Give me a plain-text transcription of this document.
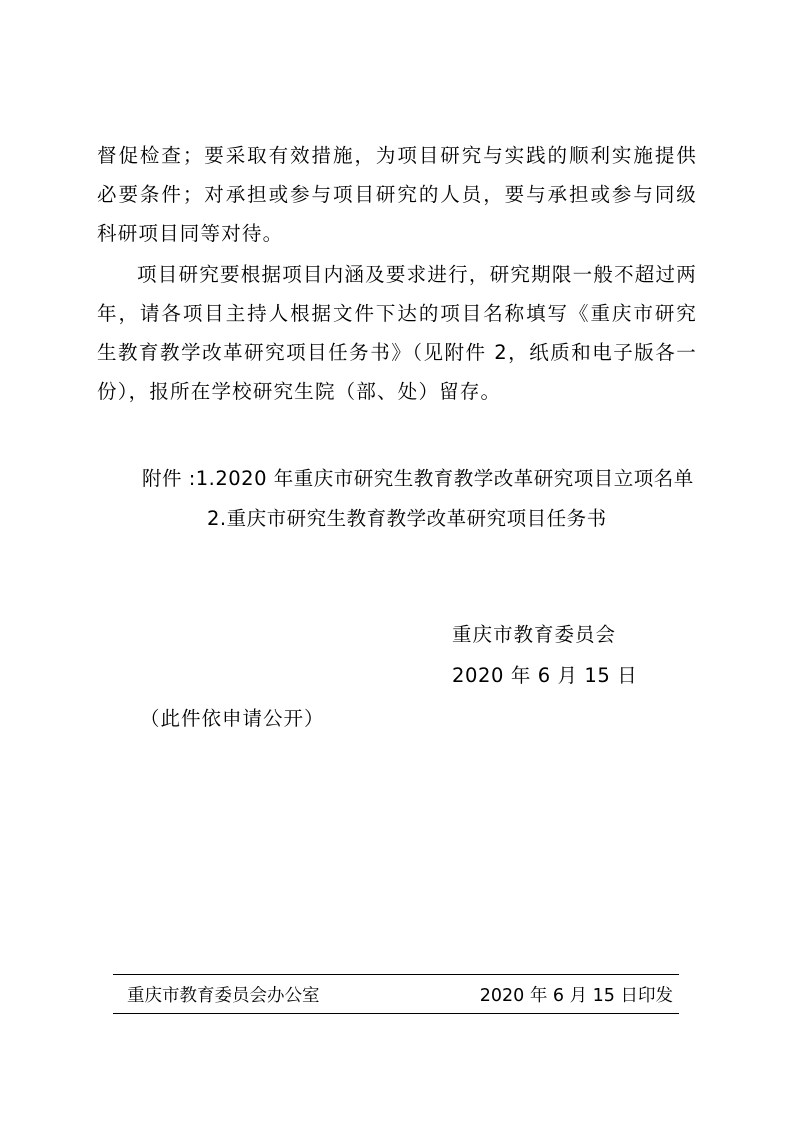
督促检查；要采取有效措施，为项目研究与实践的顺利实施提供必要条件；对承担或参与项目研究的人员，要与承担或参与同级科研项目同等对待。

项目研究要根据项目内涵及要求进行，研究期限一般不超过两年，请各项目主持人根据文件下达的项目名称填写《重庆市研究生教育教学改革研究项目任务书》（见附件 2，纸质和电子版各一份），报所在学校研究生院（部、处）留存。

附件 :1.2020 年重庆市研究生教育教学改革研究项目立项名单
2.重庆市研究生教育教学改革研究项目任务书
重庆市教育委员会
2020 年 6 月 15 日
（此件依申请公开）
重庆市教育委员会办公室	2020 年 6 月 15 日印发
